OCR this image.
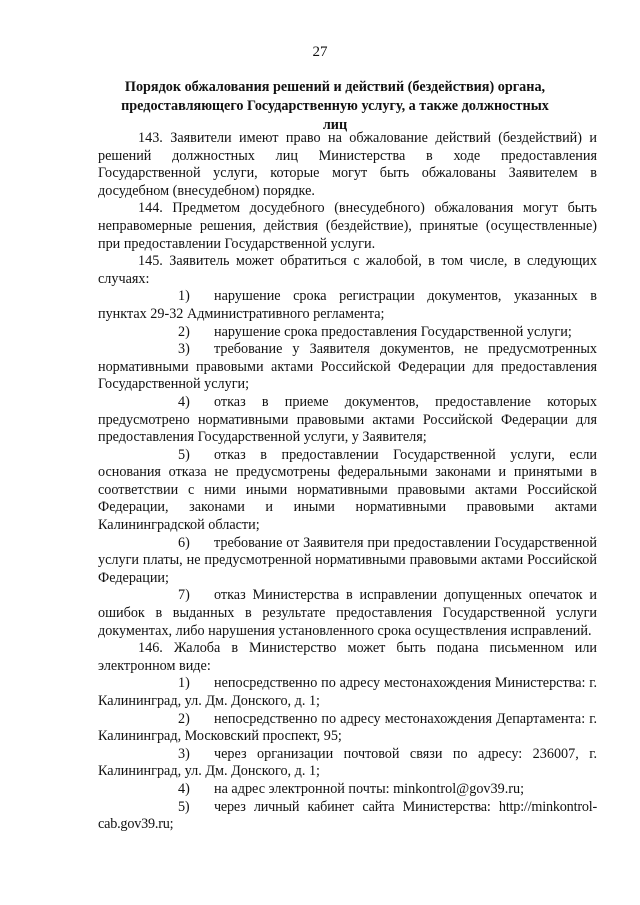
27
Порядок обжалования решений и действий (бездействия) органа, предоставляющего Государственную услугу, а также должностных лиц

143. Заявители имеют право на обжалование действий (бездействий) и решений должностных лиц Министерства в ходе предоставления Государственной услуги, которые могут быть обжалованы Заявителем в досудебном (внесудебном) порядке.

144. Предметом досудебного (внесудебного) обжалования могут быть неправомерные решения, действия (бездействие), принятые (осуществленные) при предоставлении Государственной услуги.

145. Заявитель может обратиться с жалобой, в том числе, в следующих случаях:

1) нарушение срока регистрации документов, указанных в пунктах 29-32 Административного регламента;

2) нарушение срока предоставления Государственной услуги;

3) требование у Заявителя документов, не предусмотренных нормативными правовыми актами Российской Федерации для предоставления Государственной услуги;

4) отказ в приеме документов, предоставление которых предусмотрено нормативными правовыми актами Российской Федерации для предоставления Государственной услуги, у Заявителя;

5) отказ в предоставлении Государственной услуги, если основания отказа не предусмотрены федеральными законами и принятыми в соответствии с ними иными нормативными правовыми актами Российской Федерации, законами и иными нормативными правовыми актами Калининградской области;

6) требование от Заявителя при предоставлении Государственной услуги платы, не предусмотренной нормативными правовыми актами Российской Федерации;

7) отказ Министерства в исправлении допущенных опечаток и ошибок в выданных в результате предоставления Государственной услуги документах, либо нарушения установленного срока осуществления исправлений.

146. Жалоба в Министерство может быть подана письменном или электронном виде:

1) непосредственно по адресу местонахождения Министерства: г. Калининград, ул. Дм. Донского, д. 1;

2) непосредственно по адресу местонахождения Департамента: г. Калининград, Московский проспект, 95;

3) через организации почтовой связи по адресу: 236007, г. Калининград, ул. Дм. Донского, д. 1;

4) на адрес электронной почты: minkontrol@gov39.ru;

5) через личный кабинет сайта Министерства: http://minkontrol-cab.gov39.ru;
